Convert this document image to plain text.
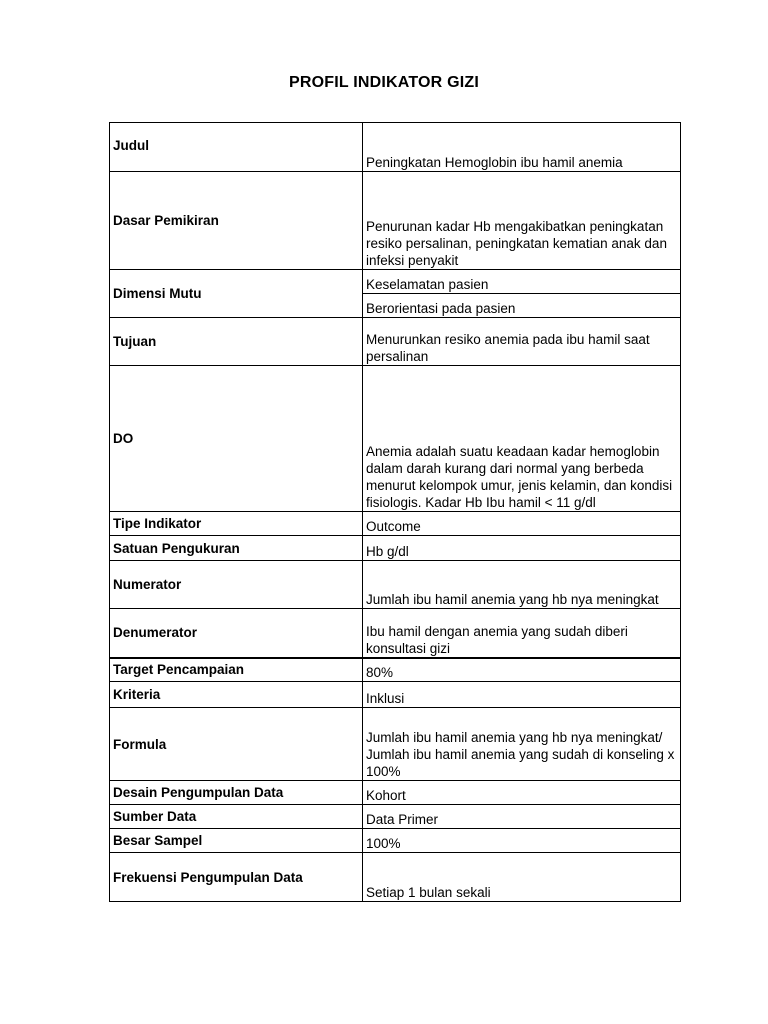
PROFIL INDIKATOR GIZI
Judul	Peningkatan Hemoglobin ibu hamil anemia
Dasar Pemikiran	Penurunan kadar Hb mengakibatkan peningkatan resiko persalinan, peningkatan kematian anak dan infeksi penyakit
Dimensi Mutu	Keselamatan pasien
	Berorientasi pada pasien
Tujuan	Menurunkan resiko anemia pada ibu hamil saat persalinan
DO	Anemia adalah suatu keadaan kadar hemoglobin dalam darah kurang dari normal yang berbeda menurut kelompok umur, jenis kelamin, dan kondisi fisiologis. Kadar Hb Ibu hamil < 11 g/dl
Tipe Indikator	Outcome
Satuan Pengukuran	Hb g/dl
Numerator	Jumlah ibu hamil anemia yang hb nya meningkat
Denumerator	Ibu hamil dengan anemia yang sudah diberi konsultasi gizi
Target Pencampaian	80%
Kriteria	Inklusi
Formula	Jumlah ibu hamil anemia yang hb nya meningkat/ Jumlah ibu hamil anemia yang sudah di konseling x 100%
Desain Pengumpulan Data	Kohort
Sumber Data	Data Primer
Besar Sampel	100%
Frekuensi Pengumpulan Data	Setiap 1 bulan sekali
